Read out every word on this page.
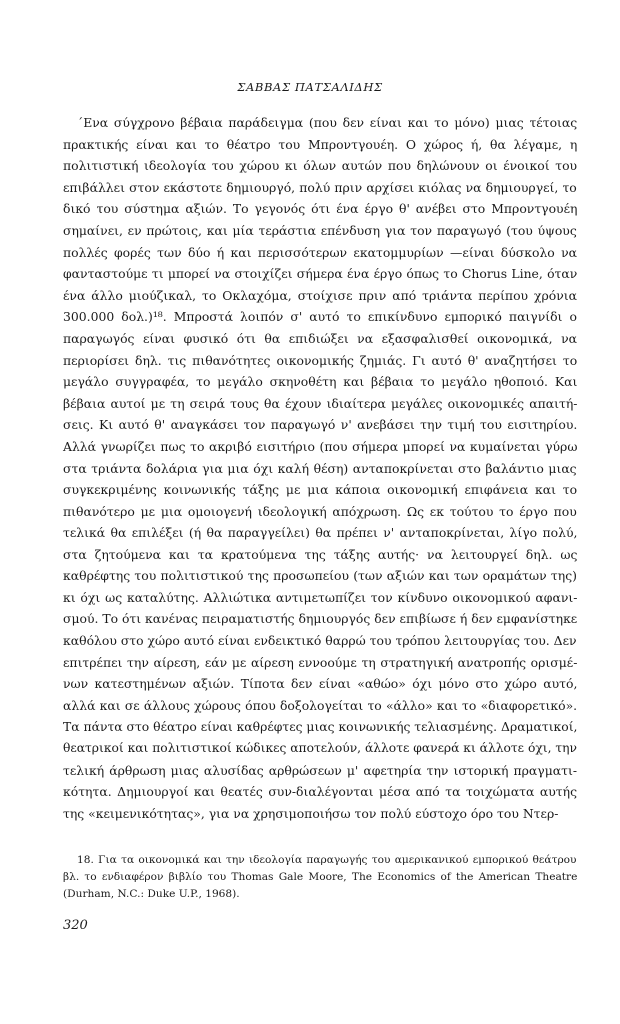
ΣΑΒΒΑΣ ΠΑΤΣΑΛΙΔΗΣ
΄Ενα σύγχρονο βέβαια παράδειγμα (που δεν είναι και το μόνο) μιας τέτοιας
πρακτικής είναι και το θέατρο του Μπροντγουέη. Ο χώρος ή, θα λέγαμε, η
πολιτιστική ιδεολογία του χώρου κι όλων αυτών που δηλώνουν οι ένοικοί του
επιβάλλει στον εκάστοτε δημιουργό, πολύ πριν αρχίσει κιόλας να δημιουργεί, το
δικό του σύστημα αξιών. Το γεγονός ότι ένα έργο θ' ανέβει στο Μπροντγουέη
σημαίνει, εν πρώτοις, και μία τεράστια επένδυση για τον παραγωγό (του ύψους
πολλές φορές των δύο ή και περισσότερων εκατομμυρίων —είναι δύσκολο να
φανταστούμε τι μπορεί να στοιχίζει σήμερα ένα έργο όπως το Chorus Line, όταν
ένα άλλο μιούζικαλ, το Οκλαχόμα, στοίχισε πριν από τριάντα περίπου χρόνια
300.000 δολ.)¹⁸. Μπροστά λοιπόν σ' αυτό το επικίνδυνο εμπορικό παιγνίδι ο
παραγωγός είναι φυσικό ότι θα επιδιώξει να εξασφαλισθεί οικονομικά, να
περιορίσει δηλ. τις πιθανότητες οικονομικής ζημιάς. Γι αυτό θ' αναζητήσει το
μεγάλο συγγραφέα, το μεγάλο σκηνοθέτη και βέβαια το μεγάλο ηθοποιό. Και
βέβαια αυτοί με τη σειρά τους θα έχουν ιδιαίτερα μεγάλες οικονομικές απαιτή-
σεις. Κι αυτό θ' αναγκάσει τον παραγωγό ν' ανεβάσει την τιμή του εισιτηρίου.
Αλλά γνωρίζει πως το ακριβό εισιτήριο (που σήμερα μπορεί να κυμαίνεται γύρω
στα τριάντα δολάρια για μια όχι καλή θέση) ανταποκρίνεται στο βαλάντιο μιας
συγκεκριμένης κοινωνικής τάξης με μια κάποια οικονομική επιφάνεια και το
πιθανότερο με μια ομοιογενή ιδεολογική απόχρωση. Ως εκ τούτου το έργο που
τελικά θα επιλέξει (ή θα παραγγείλει) θα πρέπει ν' ανταποκρίνεται, λίγο πολύ,
στα ζητούμενα και τα κρατούμενα της τάξης αυτής· να λειτουργεί δηλ. ως
καθρέφτης του πολιτιστικού της προσωπείου (των αξιών και των οραμάτων της)
κι όχι ως καταλύτης. Αλλιώτικα αντιμετωπίζει τον κίνδυνο οικονομικού αφανι-
σμού. Το ότι κανένας πειραματιστής δημιουργός δεν επιβίωσε ή δεν εμφανίστηκε
καθόλου στο χώρο αυτό είναι ενδεικτικό θαρρώ του τρόπου λειτουργίας του. Δεν
επιτρέπει την αίρεση, εάν με αίρεση εννοούμε τη στρατηγική ανατροπής ορισμέ-
νων κατεστημένων αξιών. Τίποτα δεν είναι «αθώο» όχι μόνο στο χώρο αυτό,
αλλά και σε άλλους χώρους όπου δοξολογείται το «άλλο» και το «διαφορετικό».
Τα πάντα στο θέατρο είναι καθρέφτες μιας κοινωνικής τελιασμένης. Δραματικοί,
θεατρικοί και πολιτιστικοί κώδικες αποτελούν, άλλοτε φανερά κι άλλοτε όχι, την
τελική άρθρωση μιας αλυσίδας αρθρώσεων μ' αφετηρία την ιστορική πραγματι-
κότητα. Δημιουργοί και θεατές συν-διαλέγονται μέσα από τα τοιχώματα αυτής
της «κειμενικότητας», για να χρησιμοποιήσω τον πολύ εύστοχο όρο του Ντερ-
18. Για τα οικονομικά και την ιδεολογία παραγωγής του αμερικανικού εμπορικού θεάτρου
βλ. το ενδιαφέρον βιβλίο του Thomas Gale Moore, The Economics of the American Theatre
(Durham, N.C.: Duke U.P., 1968).
320
